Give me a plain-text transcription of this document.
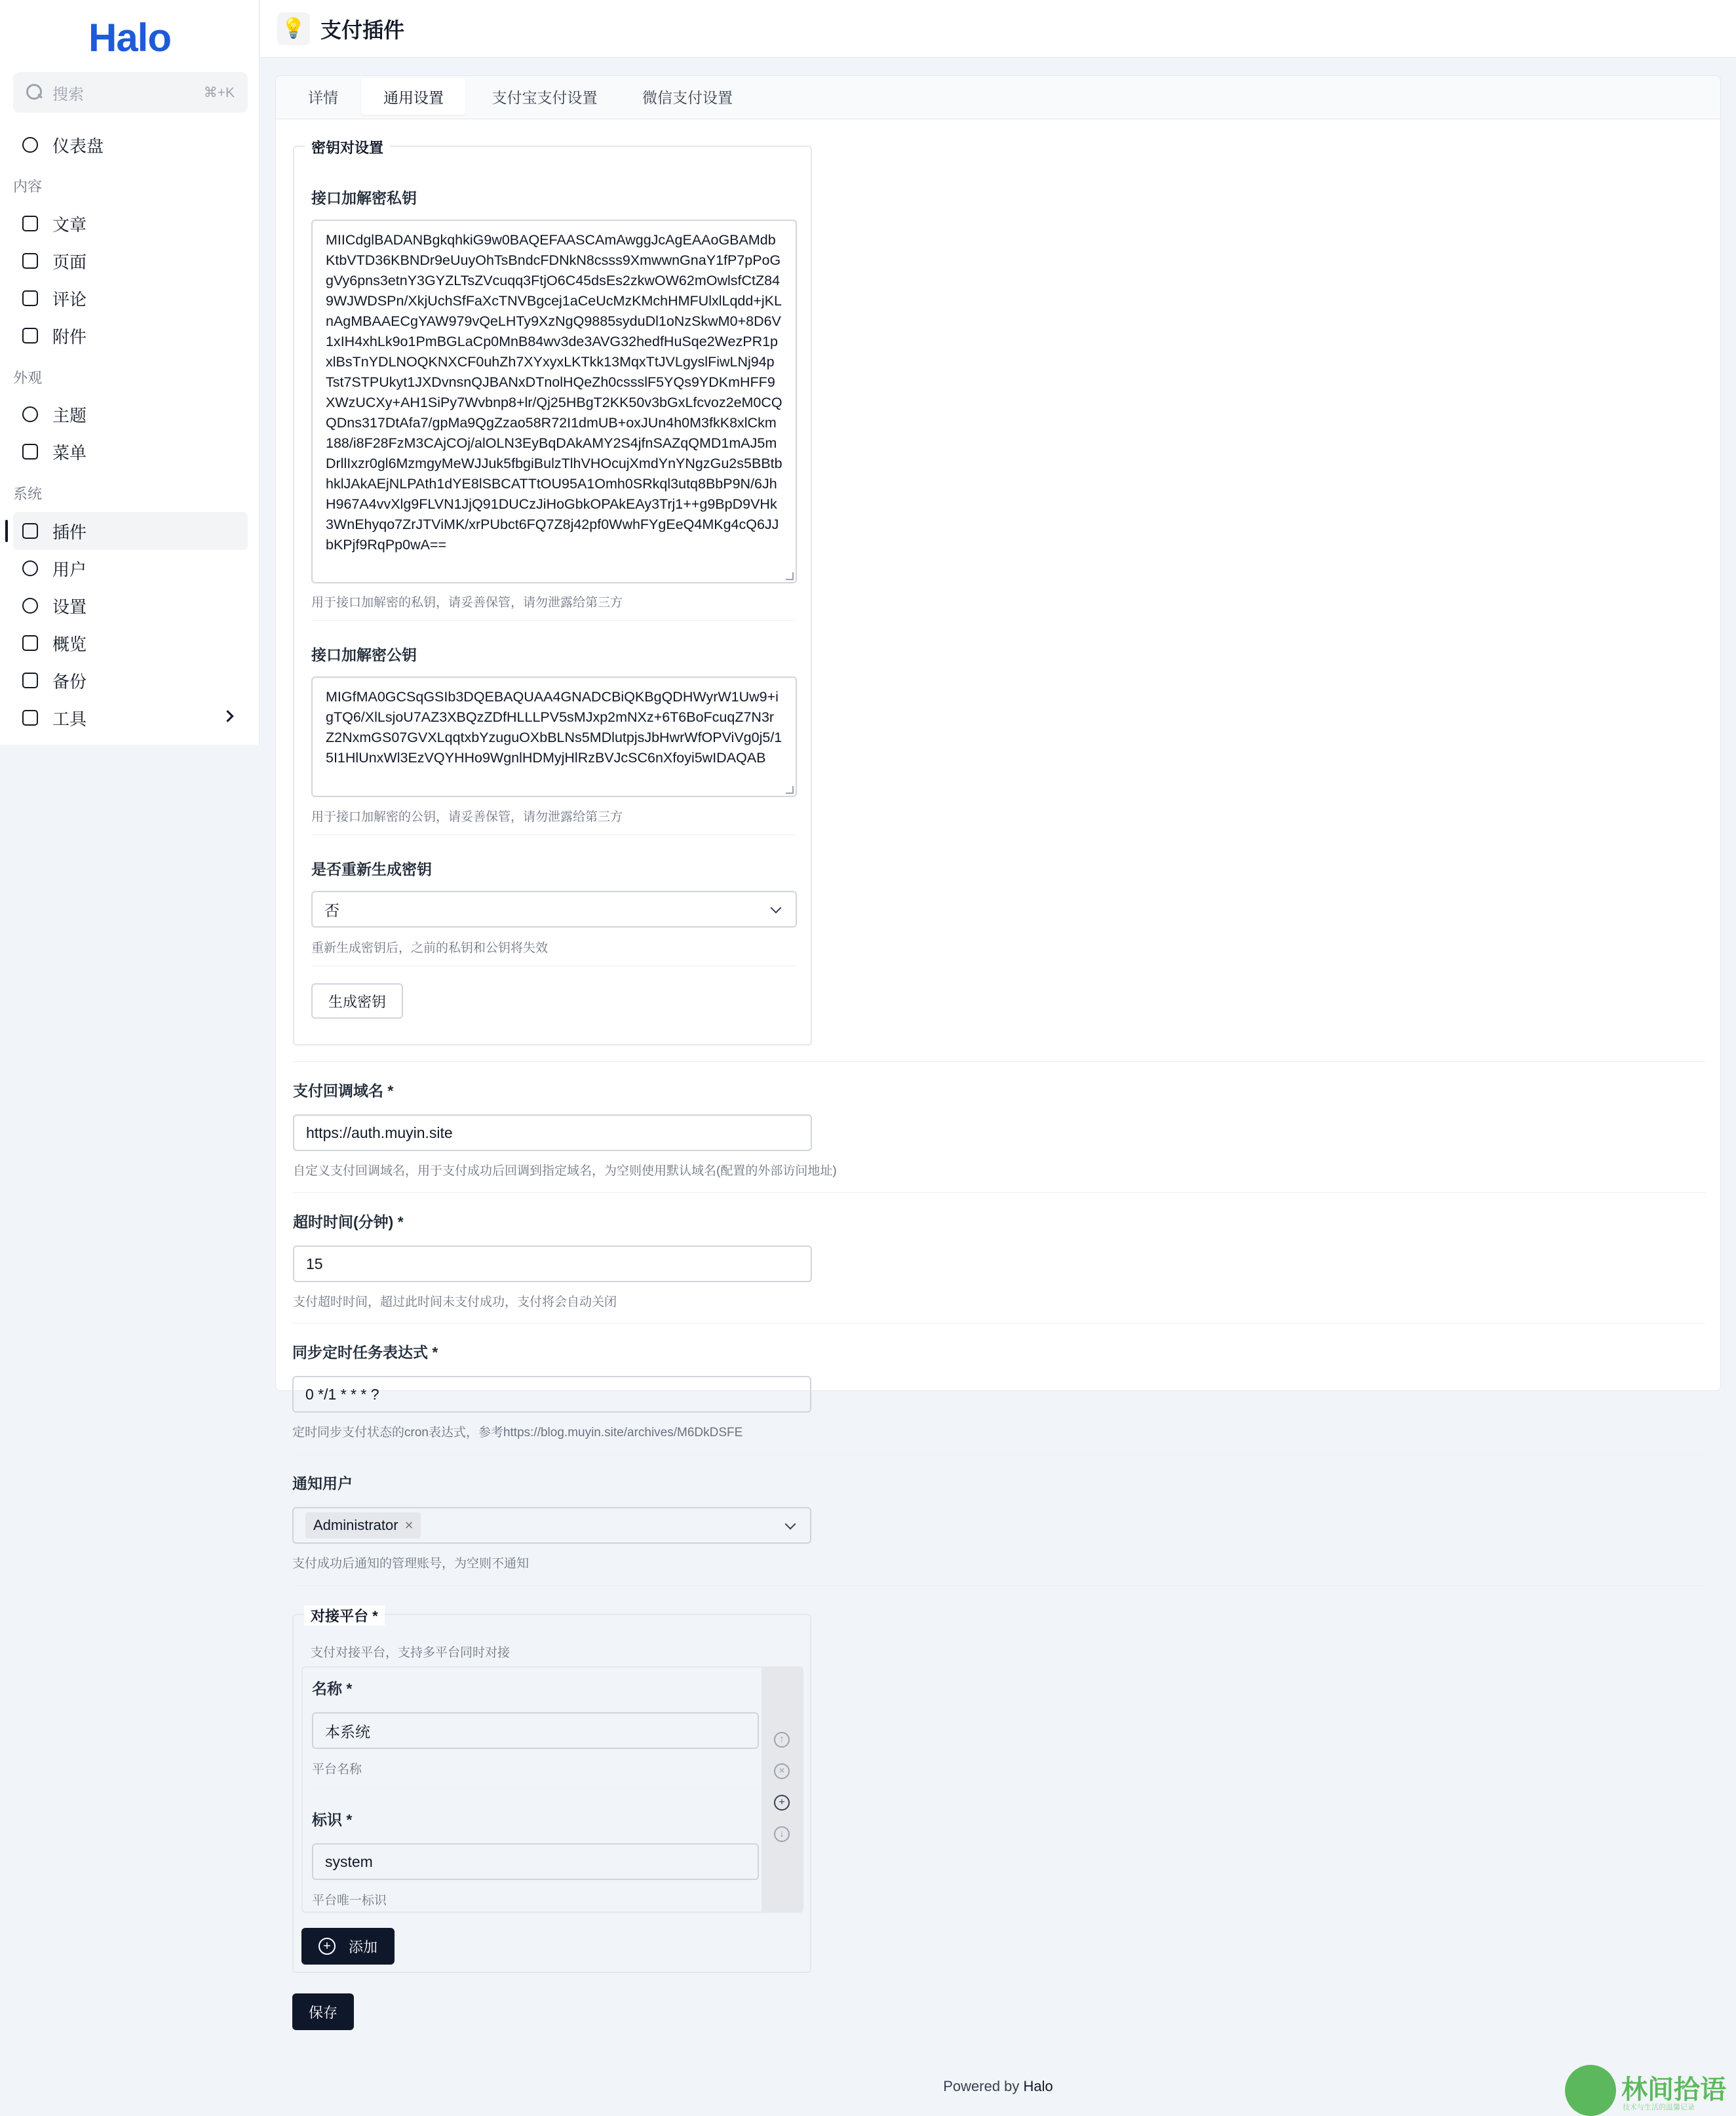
Halo
搜索	⌘+K
仪表盘
内容
文章
页面
评论
附件
外观
主题
菜单
系统
插件
用户
设置
概览
备份
工具
💡 支付插件
详情	通用设置	支付宝支付设置	微信支付设置
密钥对设置
接口加解密私钥
MIICdglBADANBgkqhkiG9w0BAQEFAASCAmAwggJcAgEAAoGBAMdbKtbVTD36KBNDr9eUuyOhTsBndcFDNkN8csss9XmwwnGnaY1fP7pPoGgVy6pns3etnY3GYZLTsZVcuqq3FtjO6C45dsEs2zkwOW62mOwlsfCtZ849WJWDSPn/XkjUchSfFaXcTNVBgcej1aCeUcMzKMchHMFUlxlLqdd+jKLnAgMBAAECgYAW979vQeLHTy9XzNgQ9885syduDl1oNzSkwM0+8D6V1xIH4xhLk9o1PmBGLaCp0MnB84wv3de3AVG32hedfHuSqe2WezPR1pxlBsTnYDLNOQKNXCF0uhZh7XYxyxLKTkk13MqxTtJVLgyslFiwLNj94pTst7STPUkyt1JXDvnsnQJBANxDTnolHQeZh0cssslF5YQs9YDKmHFF9XWzUCXy+AH1SiPy7Wvbnp8+lr/Qj25HBgT2KK50v3bGxLfcvoz2eM0CQQDns317DtAfa7/gpMa9QgZzao58R72I1dmUB+oxJUn4h0M3fkK8xlCkm188/i8F28FzM3CAjCOj/alOLN3EyBqDAkAMY2S4jfnSAZqQMD1mAJ5mDrllIxzr0gl6MzmgyMeWJJuk5fbgiBulzTlhVHOcujXmdYnYNgzGu2s5BBtbhklJAkAEjNLPAth1dYE8lSBCATTtOU95A1Omh0SRkql3utq8BbP9N/6JhH967A4vvXlg9FLVN1JjQ91DUCzJiHoGbkOPAkEAy3Trj1++g9BpD9VHk3WnEhyqo7ZrJTViMK/xrPUbct6FQ7Z8j42pf0WwhFYgEeQ4MKg4cQ6JJbKPjf9RqPp0wA==
用于接口加解密的私钥，请妥善保管，请勿泄露给第三方
接口加解密公钥
MIGfMA0GCSqGSIb3DQEBAQUAA4GNADCBiQKBgQDHWyrW1Uw9+igTQ6/XlLsjoU7AZ3XBQzZDfHLLLPV5sMJxp2mNXz+6T6BoFcuqZ7N3rZ2NxmGS07GVXLqqtxbYzuguOXbBLNs5MDlutpjsJbHwrWfOPViVg0j5/15I1HlUnxWl3EzVQYHHo9WgnlHDMyjHlRzBVJcSC6nXfoyi5wIDAQAB
用于接口加解密的公钥，请妥善保管，请勿泄露给第三方
是否重新生成密钥
否
重新生成密钥后，之前的私钥和公钥将失效
生成密钥
支付回调域名 *
https://auth.muyin.site
自定义支付回调域名，用于支付成功后回调到指定域名，为空则使用默认域名(配置的外部访问地址)
超时时间(分钟) *
15
支付超时时间，超过此时间未支付成功，支付将会自动关闭
同步定时任务表达式 *
0 */1 * * * ?
定时同步支付状态的cron表达式，参考https://blog.muyin.site/archives/M6DkDSFE
通知用户
Administrator ×
支付成功后通知的管理账号，为空则不通知
对接平台 *
支付对接平台，支持多平台同时对接
名称 *
本系统
平台名称
标识 *
system
平台唯一标识
↑
×
+
↓
+	添加
保存
Powered by Halo	林间拾语
技术与生活的温馨记录
